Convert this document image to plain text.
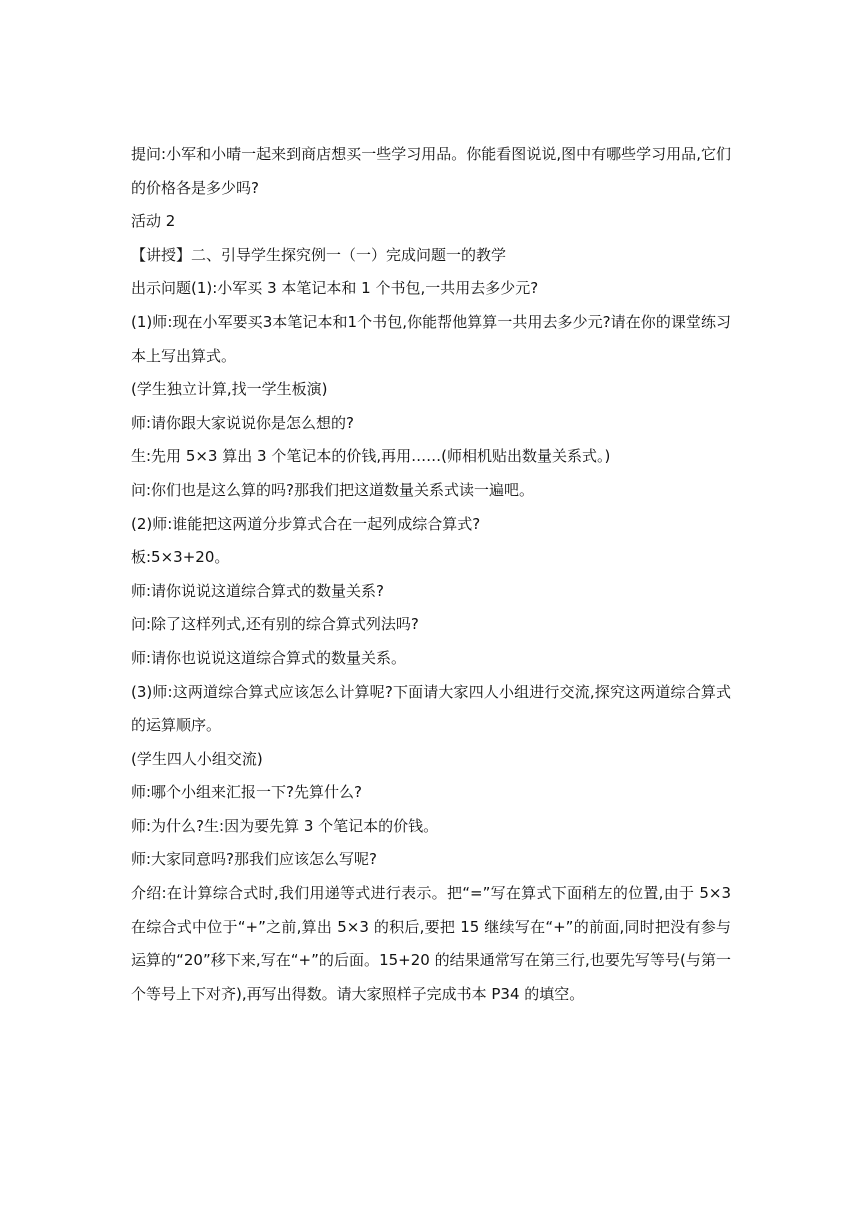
提问:小军和小晴一起来到商店想买一些学习用品。你能看图说说,图中有哪些学习用品,它们的价格各是多少吗?

活动 2

【讲授】二、引导学生探究例一（一）完成问题一的教学

出示问题(1):小军买 3 本笔记本和 1 个书包,一共用去多少元?

(1)师:现在小军要买3本笔记本和1个书包,你能帮他算算一共用去多少元?请在你的课堂练习本上写出算式。

(学生独立计算,找一学生板演)

师:请你跟大家说说你是怎么想的?

生:先用 5×3 算出 3 个笔记本的价钱,再用……(师相机贴出数量关系式。)

问:你们也是这么算的吗?那我们把这道数量关系式读一遍吧。

(2)师:谁能把这两道分步算式合在一起列成综合算式?

板:5×3+20。

师:请你说说这道综合算式的数量关系?

问:除了这样列式,还有别的综合算式列法吗?

师:请你也说说这道综合算式的数量关系。

(3)师:这两道综合算式应该怎么计算呢?下面请大家四人小组进行交流,探究这两道综合算式的运算顺序。

(学生四人小组交流)

师:哪个小组来汇报一下?先算什么?

师:为什么?生:因为要先算 3 个笔记本的价钱。

师:大家同意吗?那我们应该怎么写呢?

介绍:在计算综合式时,我们用递等式进行表示。把“=”写在算式下面稍左的位置,由于 5×3 在综合式中位于“+”之前,算出 5×3 的积后,要把 15 继续写在“+”的前面,同时把没有参与运算的“20”移下来,写在“+”的后面。15+20 的结果通常写在第三行,也要先写等号(与第一个等号上下对齐),再写出得数。请大家照样子完成书本 P34 的填空。
